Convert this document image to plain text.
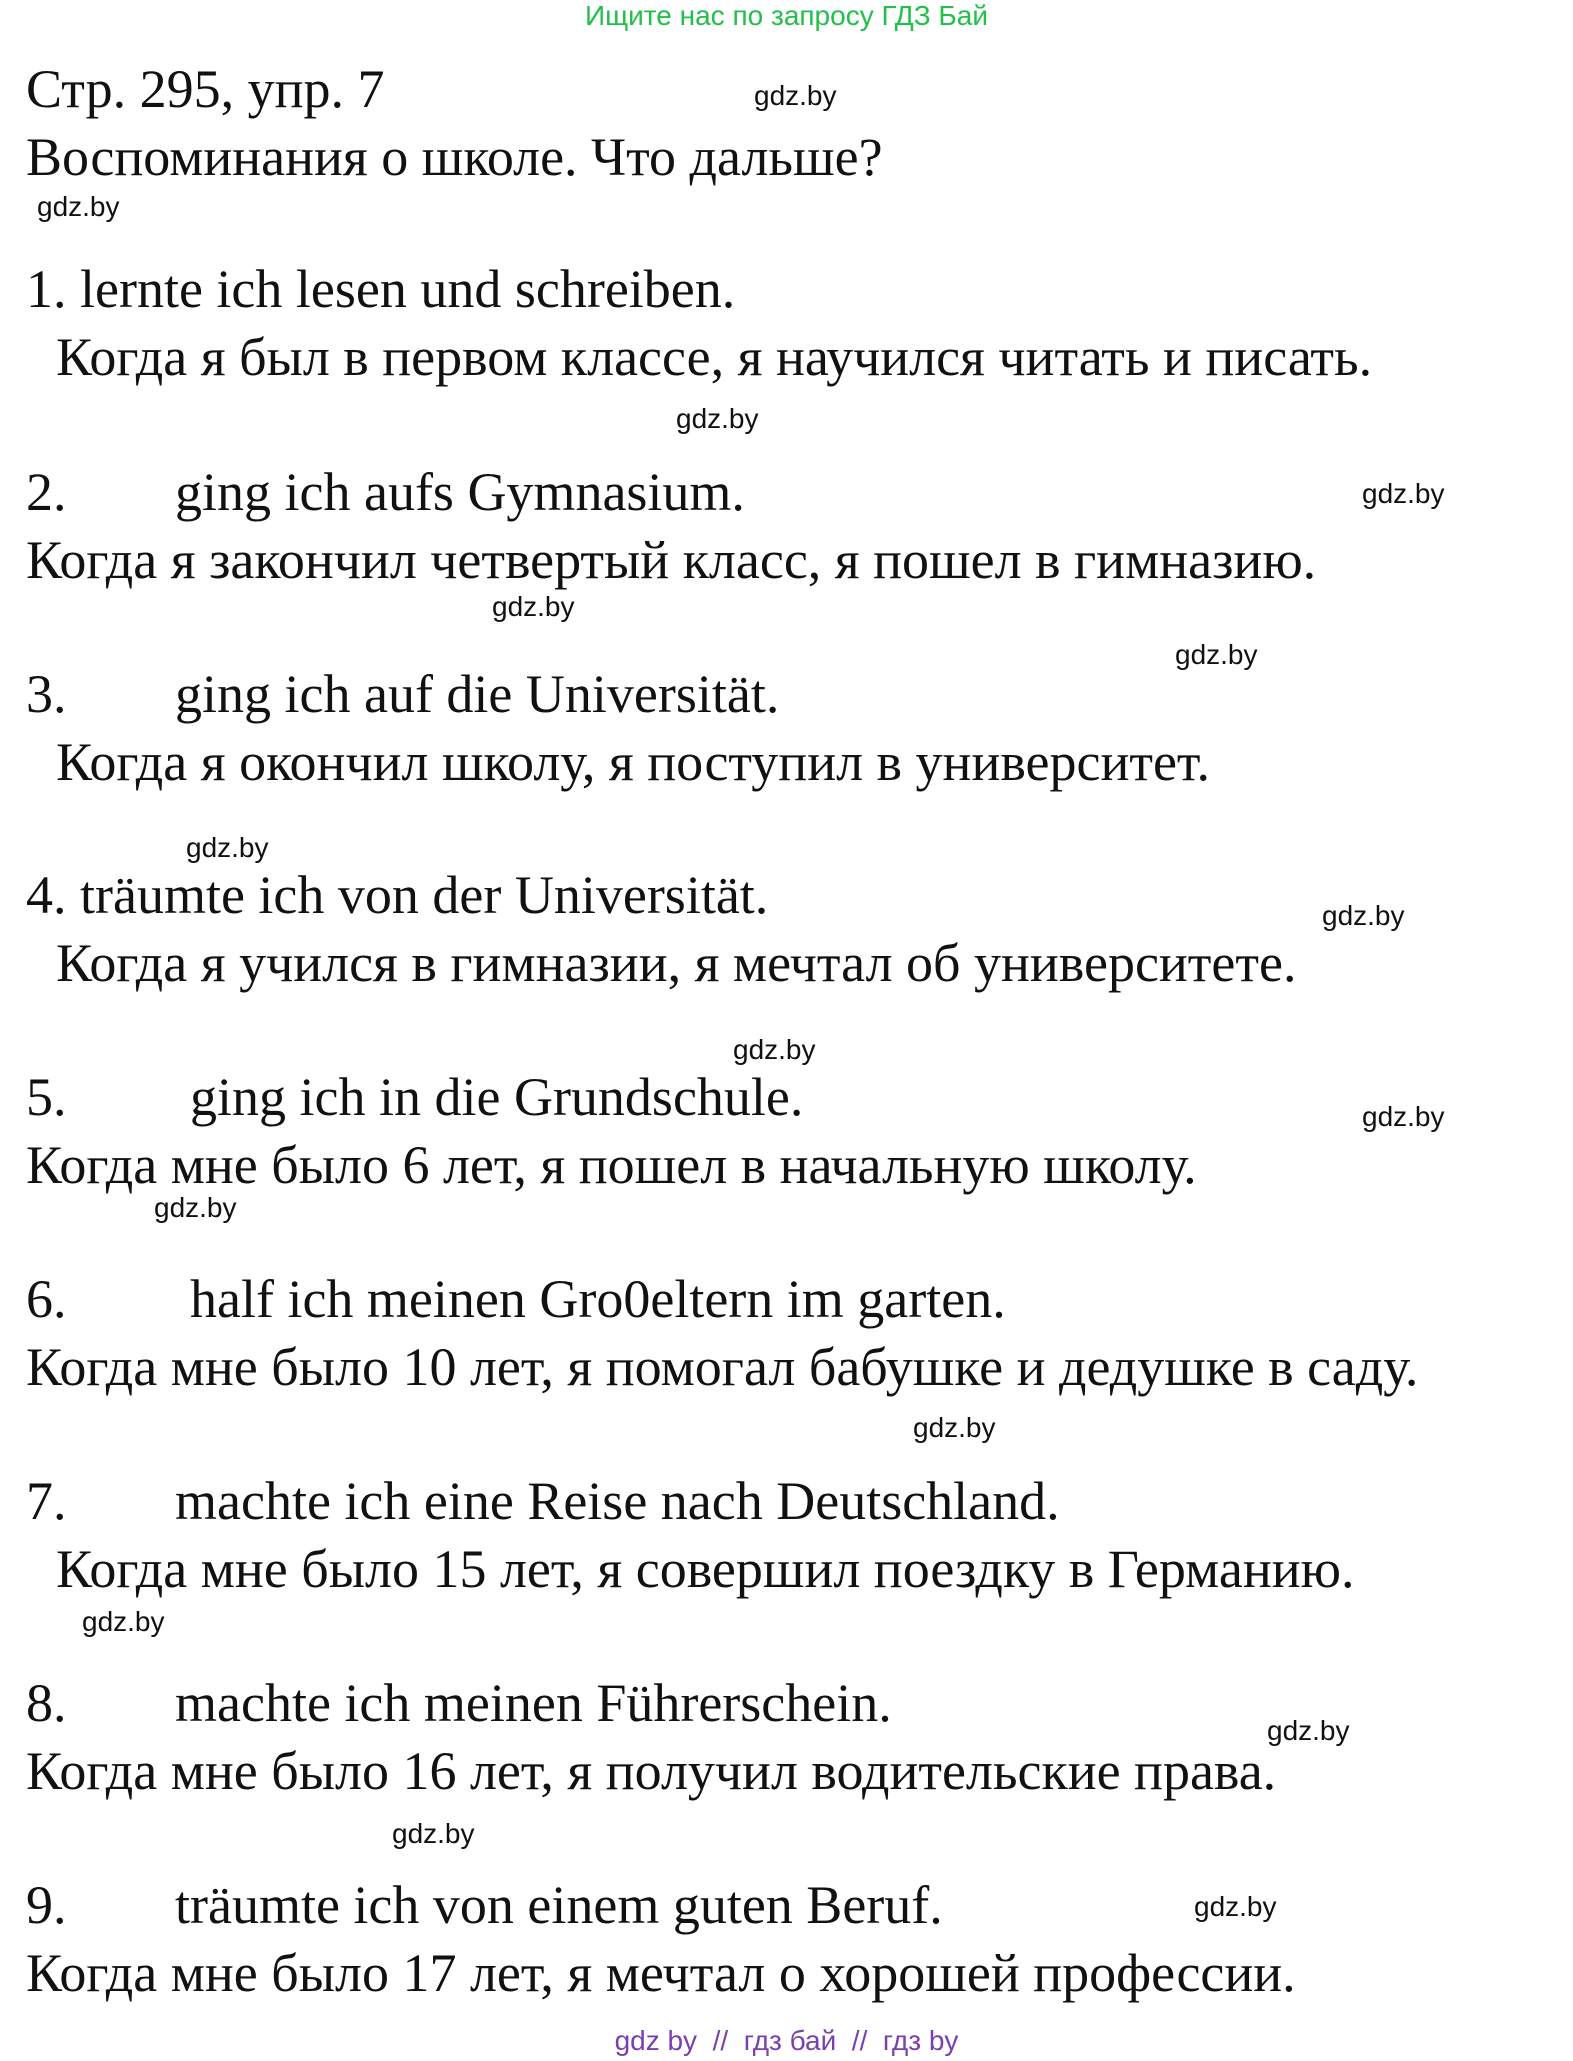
Ищите нас по запросу ГДЗ Бай
Стр. 295, упр. 7
Воспоминания о школе. Что дальше?
1. lernte ich lesen und schreiben.
Когда я был в первом классе, я научился читать и писать.
2. ging ich aufs Gymnasium.
Когда я закончил четвертый класс, я пошел в гимназию.
3. ging ich auf die Universität.
Когда я окончил школу, я поступил в университет.
4. träumte ich von der Universität.
Когда я учился в гимназии, я мечтал об университете.
5. ging ich in die Grundschule.
Когда мне было 6 лет, я пошел в начальную школу.
6. half ich meinen Gro0eltern im garten.
Когда мне было 10 лет, я помогал бабушке и дедушке в саду.
7. machte ich eine Reise nach Deutschland.
Когда мне было 15 лет, я совершил поездку в Германию.
8. machte ich meinen Führerschein.
Когда мне было 16 лет, я получил водительские права.
9. träumte ich von einem guten Beruf.
Когда мне было 17 лет, я мечтал о хорошей профессии.
gdz.by
gdz.by
gdz.by
gdz.by
gdz.by
gdz.by
gdz.by
gdz.by
gdz.by
gdz.by
gdz.by
gdz.by
gdz.by
gdz.by
gdz.by
gdz.by
gdz by  //  гдз бай  //  гдз by
